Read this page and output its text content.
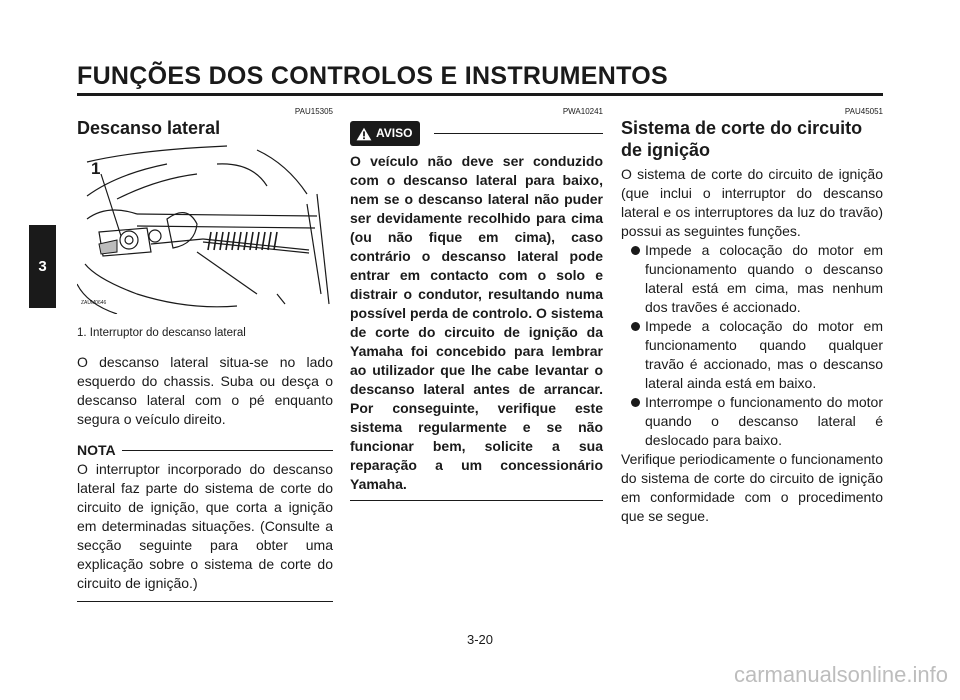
FUNÇÕES DOS CONTROLOS E INSTRUMENTOS
3
PAU15305
Descanso lateral
1
ZAUM0646
1. Interruptor do descanso lateral
O descanso lateral situa-se no lado esquerdo do chassis. Suba ou desça o descanso lateral com o pé enquanto segura o veículo direito.
NOTA
O interruptor incorporado do descanso lateral faz parte do sistema de corte do circuito de ignição, que corta a ignição em determinadas situações. (Consulte a secção seguinte para obter uma explicação sobre o sistema de corte do circuito de ignição.)
PWA10241
AVISO
O veículo não deve ser conduzido com o descanso lateral para baixo, nem se o descanso lateral não puder ser devidamente recolhido para cima (ou não fique em cima), caso contrário o descanso lateral pode entrar em contacto com o solo e distrair o condutor, resultando numa possível perda de controlo. O sistema de corte do circuito de ignição da Yamaha foi concebido para lembrar ao utilizador que lhe cabe levantar o descanso lateral antes de arrancar. Por conseguinte, verifique este sistema regularmente e se não funcionar bem, solicite a sua reparação a um concessionário Yamaha.
PAU45051
Sistema de corte do circuito de ignição
O sistema de corte do circuito de ignição (que inclui o interruptor do descanso lateral e os interruptores da luz do travão) possui as seguintes funções.
Impede a colocação do motor em funcionamento quando o descanso lateral está em cima, mas nenhum dos travões é accionado.
Impede a colocação do motor em funcionamento quando qualquer travão é accionado, mas o descanso lateral ainda está em baixo.
Interrompe o funcionamento do motor quando o descanso lateral é deslocado para baixo.
Verifique periodicamente o funcionamento do sistema de corte do circuito de ignição em conformidade com o procedimento que se segue.
3-20
carmanualsonline.info
